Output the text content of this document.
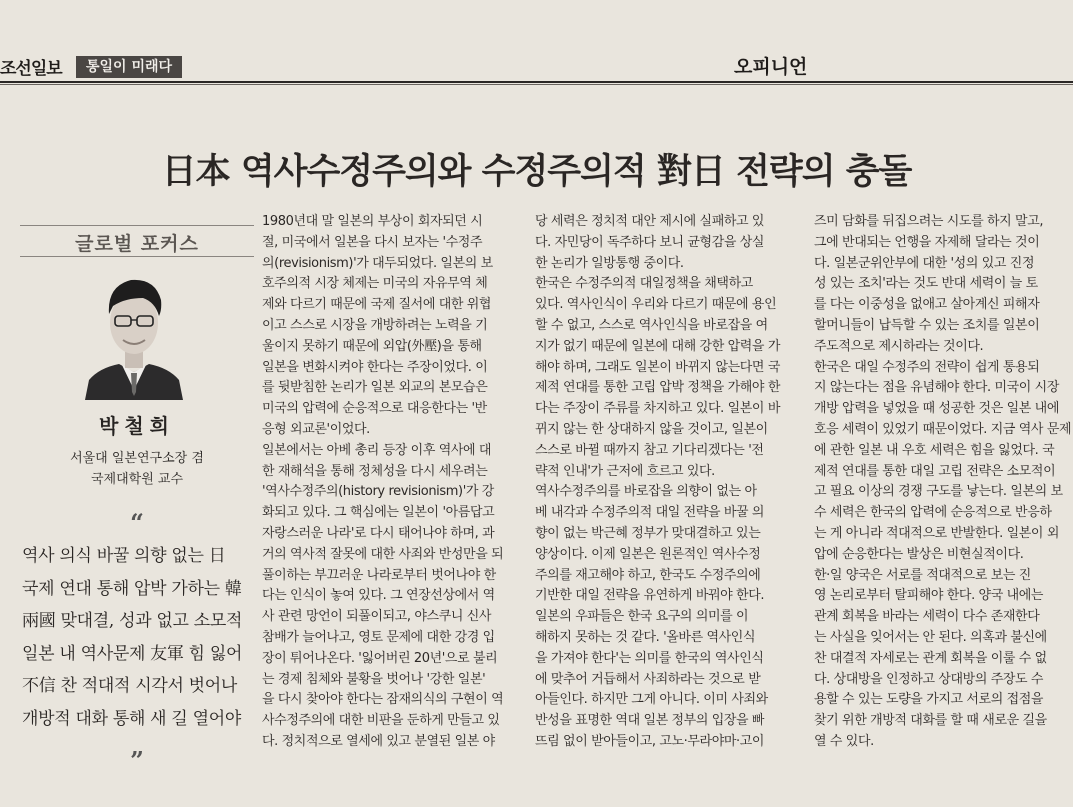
조선일보	통일이 미래다	오피니언
日本 역사수정주의와 수정주의적 對日 전략의 충돌
글로벌 포커스
박철희
서울대 일본연구소장 겸
국제대학원 교수
“
역사 의식 바꿀 의향 없는 日
국제 연대 통해 압박 가하는 韓
兩國 맞대결, 성과 없고 소모적
일본 내 역사문제 友軍 힘 잃어
不信 찬 적대적 시각서 벗어나
개방적 대화 통해 새 길 열어야
”
1980년대 말 일본의 부상이 회자되던 시
절, 미국에서 일본을 다시 보자는 '수정주
의(revisionism)'가 대두되었다. 일본의 보
호주의적 시장 체제는 미국의 자유무역 체
제와 다르기 때문에 국제 질서에 대한 위협
이고 스스로 시장을 개방하려는 노력을 기
울이지 못하기 때문에 외압(外壓)을 통해
일본을 변화시켜야 한다는 주장이었다. 이
를 뒷받침한 논리가 일본 외교의 본모습은
미국의 압력에 순응적으로 대응한다는 '반
응형 외교론'이었다.
일본에서는 아베 총리 등장 이후 역사에 대
한 재해석을 통해 정체성을 다시 세우려는
'역사수정주의(history revisionism)'가 강
화되고 있다. 그 핵심에는 일본이 '아름답고
자랑스러운 나라'로 다시 태어나야 하며, 과
거의 역사적 잘못에 대한 사죄와 반성만을 되
풀이하는 부끄러운 나라로부터 벗어나야 한
다는 인식이 놓여 있다. 그 연장선상에서 역
사 관련 망언이 되풀이되고, 야스쿠니 신사
참배가 늘어나고, 영토 문제에 대한 강경 입
장이 튀어나온다. '잃어버린 20년'으로 불리
는 경제 침체와 불황을 벗어나 '강한 일본'
을 다시 찾아야 한다는 잠재의식의 구현이 역
사수정주의에 대한 비판을 둔하게 만들고 있
다. 정치적으로 열세에 있고 분열된 일본 야
당 세력은 정치적 대안 제시에 실패하고 있
다. 자민당이 독주하다 보니 균형감을 상실
한 논리가 일방통행 중이다.
한국은 수정주의적 대일정책을 채택하고
있다. 역사인식이 우리와 다르기 때문에 용인
할 수 없고, 스스로 역사인식을 바로잡을 여
지가 없기 때문에 일본에 대해 강한 압력을 가
해야 하며, 그래도 일본이 바뀌지 않는다면 국
제적 연대를 통한 고립 압박 정책을 가해야 한
다는 주장이 주류를 차지하고 있다. 일본이 바
뀌지 않는 한 상대하지 않을 것이고, 일본이
스스로 바뀔 때까지 참고 기다리겠다는 '전
략적 인내'가 근저에 흐르고 있다.
역사수정주의를 바로잡을 의향이 없는 아
베 내각과 수정주의적 대일 전략을 바꿀 의
향이 없는 박근혜 정부가 맞대결하고 있는
양상이다. 이제 일본은 원론적인 역사수정
주의를 재고해야 하고, 한국도 수정주의에
기반한 대일 전략을 유연하게 바꿔야 한다.
일본의 우파들은 한국 요구의 의미를 이
해하지 못하는 것 같다. '올바른 역사인식
을 가져야 한다'는 의미를 한국의 역사인식
에 맞추어 거듭해서 사죄하라는 것으로 받
아들인다. 하지만 그게 아니다. 이미 사죄와
반성을 표명한 역대 일본 정부의 입장을 빠
뜨림 없이 받아들이고, 고노·무라야마·고이
즈미 담화를 뒤집으려는 시도를 하지 말고,
그에 반대되는 언행을 자제해 달라는 것이
다. 일본군위안부에 대한 '성의 있고 진정
성 있는 조치'라는 것도 반대 세력이 늘 토
를 다는 이중성을 없애고 살아계신 피해자
할머니들이 납득할 수 있는 조치를 일본이
주도적으로 제시하라는 것이다.
한국은 대일 수정주의 전략이 쉽게 통용되
지 않는다는 점을 유념해야 한다. 미국이 시장
개방 압력을 넣었을 때 성공한 것은 일본 내에
호응 세력이 있었기 때문이었다. 지금 역사 문제
에 관한 일본 내 우호 세력은 힘을 잃었다. 국
제적 연대를 통한 대일 고립 전략은 소모적이
고 필요 이상의 경쟁 구도를 낳는다. 일본의 보
수 세력은 한국의 압력에 순응적으로 반응하
는 게 아니라 적대적으로 반발한다. 일본이 외
압에 순응한다는 발상은 비현실적이다.
한·일 양국은 서로를 적대적으로 보는 진
영 논리로부터 탈피해야 한다. 양국 내에는
관계 회복을 바라는 세력이 다수 존재한다
는 사실을 잊어서는 안 된다. 의혹과 불신에
찬 대결적 자세로는 관계 회복을 이룰 수 없
다. 상대방을 인정하고 상대방의 주장도 수
용할 수 있는 도량을 가지고 서로의 접점을
찾기 위한 개방적 대화를 할 때 새로운 길을
열 수 있다.
